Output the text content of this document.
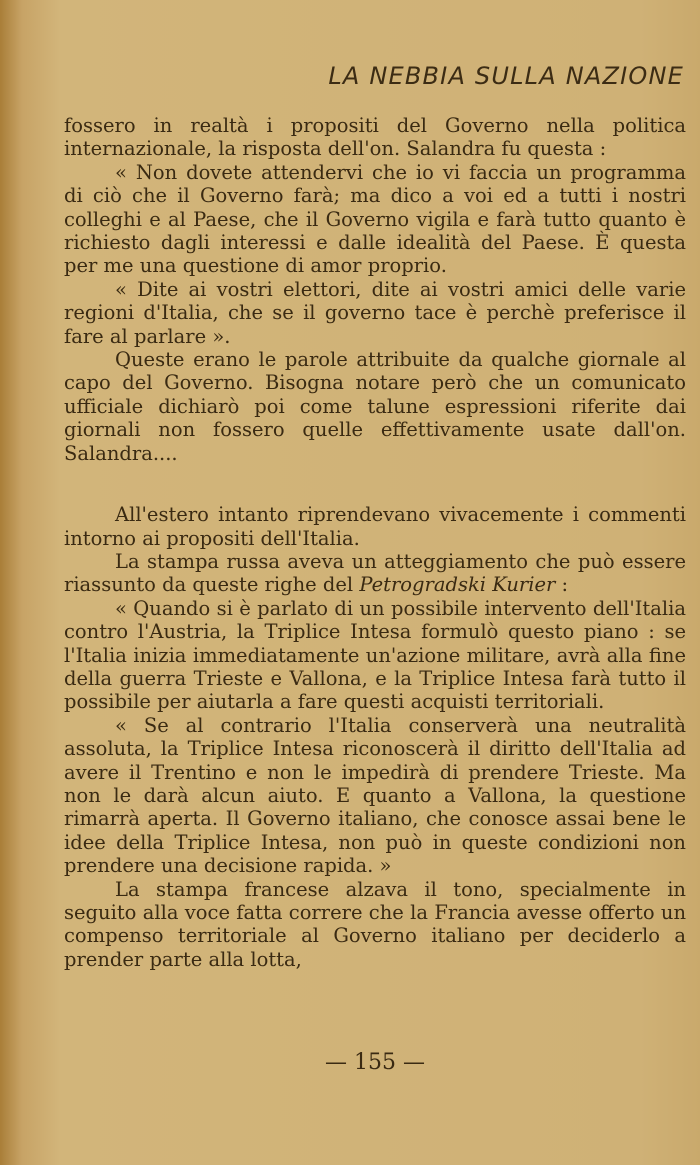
LA NEBBIA SULLA NAZIONE

fossero in realtà i propositi del Governo nella politica internazionale, la risposta dell'on. Salandra fu questa :

« Non dovete attendervi che io vi faccia un programma di ciò che il Governo farà; ma dico a voi ed a tutti i nostri colleghi e al Paese, che il Governo vigila e farà tutto quanto è richiesto dagli interessi e dalle idealità del Paese. È questa per me una questione di amor proprio.

« Dite ai vostri elettori, dite ai vostri amici delle varie regioni d'Italia, che se il governo tace è perchè preferisce il fare al parlare ».

Queste erano le parole attribuite da qualche giornale al capo del Governo. Bisogna notare però che un comunicato ufficiale dichiarò poi come talune espressioni riferite dai giornali non fossero quelle effettivamente usate dall'on. Salandra....

All'estero intanto riprendevano vivacemente i commenti intorno ai propositi dell'Italia.

La stampa russa aveva un atteggiamento che può essere riassunto da queste righe del Petrogradski Kurier :

« Quando si è parlato di un possibile intervento dell'Italia contro l'Austria, la Triplice Intesa formulò questo piano : se l'Italia inizia immediatamente un'azione militare, avrà alla fine della guerra Trieste e Vallona, e la Triplice Intesa farà tutto il possibile per aiutarla a fare questi acquisti territoriali.

« Se al contrario l'Italia conserverà una neutralità assoluta, la Triplice Intesa riconoscerà il diritto dell'Italia ad avere il Trentino e non le impedirà di prendere Trieste. Ma non le darà alcun aiuto. E quanto a Vallona, la questione rimarrà aperta. Il Governo italiano, che conosce assai bene le idee della Triplice Intesa, non può in queste condizioni non prendere una decisione rapida. »

La stampa francese alzava il tono, specialmente in seguito alla voce fatta correre che la Francia avesse offerto un compenso territoriale al Governo italiano per deciderlo a prender parte alla lotta,

— 155 —
